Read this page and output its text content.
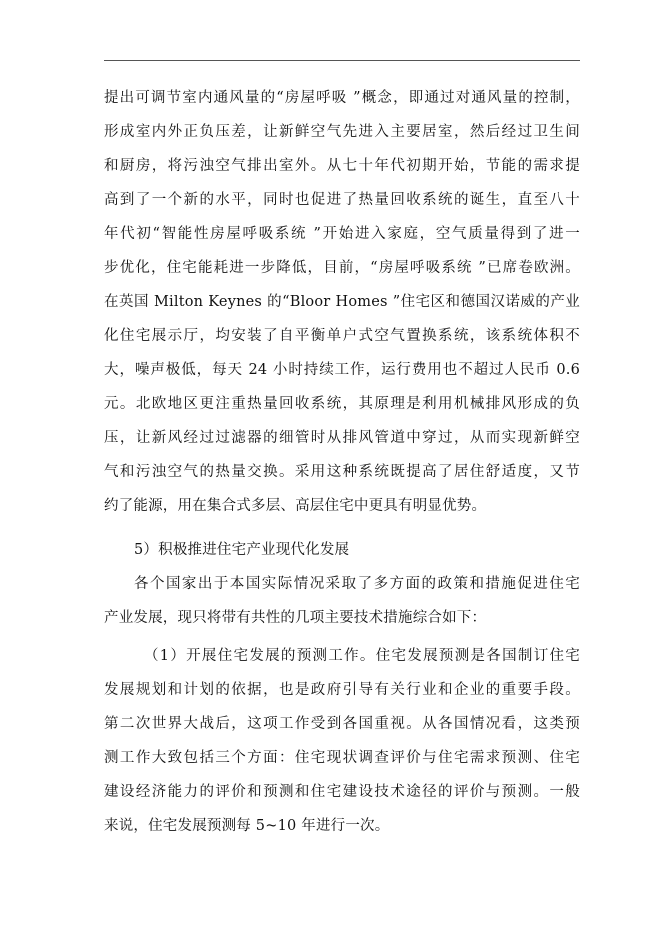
提出可调节室内通风量的“房屋呼吸 ”概念，即通过对通风量的控制，
形成室内外正负压差，让新鲜空气先进入主要居室，然后经过卫生间
和厨房，将污浊空气排出室外。从七十年代初期开始，节能的需求提
高到了一个新的水平，同时也促进了热量回收系统的诞生，直至八十
年代初“智能性房屋呼吸系统 ”开始进入家庭，空气质量得到了进一
步优化，住宅能耗进一步降低，目前，“房屋呼吸系统 ”已席卷欧洲。
在英国 Milton Keynes 的“Bloor Homes ”住宅区和德国汉诺威的产业
化住宅展示厅，均安装了自平衡单户式空气置换系统，该系统体积不
大，噪声极低，每天 24 小时持续工作，运行费用也不超过人民币 0.6
元。北欧地区更注重热量回收系统，其原理是利用机械排风形成的负
压，让新风经过过滤器的细管时从排风管道中穿过，从而实现新鲜空
气和污浊空气的热量交换。采用这种系统既提高了居住舒适度，又节
约了能源，用在集合式多层、高层住宅中更具有明显优势。
5）积极推进住宅产业现代化发展
各个国家出于本国实际情况采取了多方面的政策和措施促进住宅
产业发展，现只将带有共性的几项主要技术措施综合如下：
（1）开展住宅发展的预测工作。住宅发展预测是各国制订住宅
发展规划和计划的依据，也是政府引导有关行业和企业的重要手段。
第二次世界大战后，这项工作受到各国重视。从各国情况看，这类预
测工作大致包括三个方面：住宅现状调查评价与住宅需求预测、住宅
建设经济能力的评价和预测和住宅建设技术途径的评价与预测。一般
来说，住宅发展预测每 5~10 年进行一次。
